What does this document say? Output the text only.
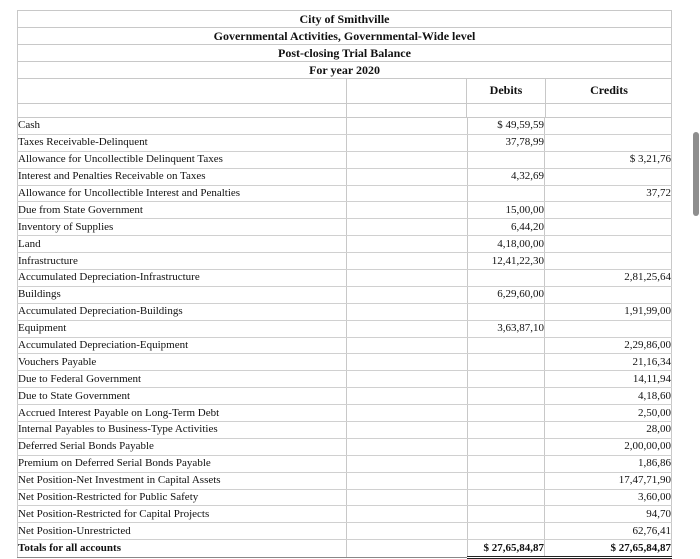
City of Smithville
Governmental Activities, Governmental-Wide level
Post-closing Trial Balance
For year 2020
Debits	Credits
Cash		$ 49,59,59	
Taxes Receivable-Delinquent		37,78,99	
Allowance for Uncollectible Delinquent Taxes			$ 3,21,76
Interest and Penalties Receivable on Taxes		4,32,69	
Allowance for Uncollectible Interest and Penalties			37,72
Due from State Government		15,00,00	
Inventory of Supplies		6,44,20	
Land		4,18,00,00	
Infrastructure		12,41,22,30	
Accumulated Depreciation-Infrastructure			2,81,25,64
Buildings		6,29,60,00	
Accumulated Depreciation-Buildings			1,91,99,00
Equipment		3,63,87,10	
Accumulated Depreciation-Equipment			2,29,86,00
Vouchers Payable			21,16,34
Due to Federal Government			14,11,94
Due to State Government			4,18,60
Accrued Interest Payable on Long-Term Debt			2,50,00
Internal Payables to Business-Type Activities			28,00
Deferred Serial Bonds Payable			2,00,00,00
Premium on Deferred Serial Bonds Payable			1,86,86
Net Position-Net Investment in Capital Assets			17,47,71,90
Net Position-Restricted for Public Safety			3,60,00
Net Position-Restricted for Capital Projects			94,70
Net Position-Unrestricted			62,76,41
Totals for all accounts		$ 27,65,84,87	$ 27,65,84,87
